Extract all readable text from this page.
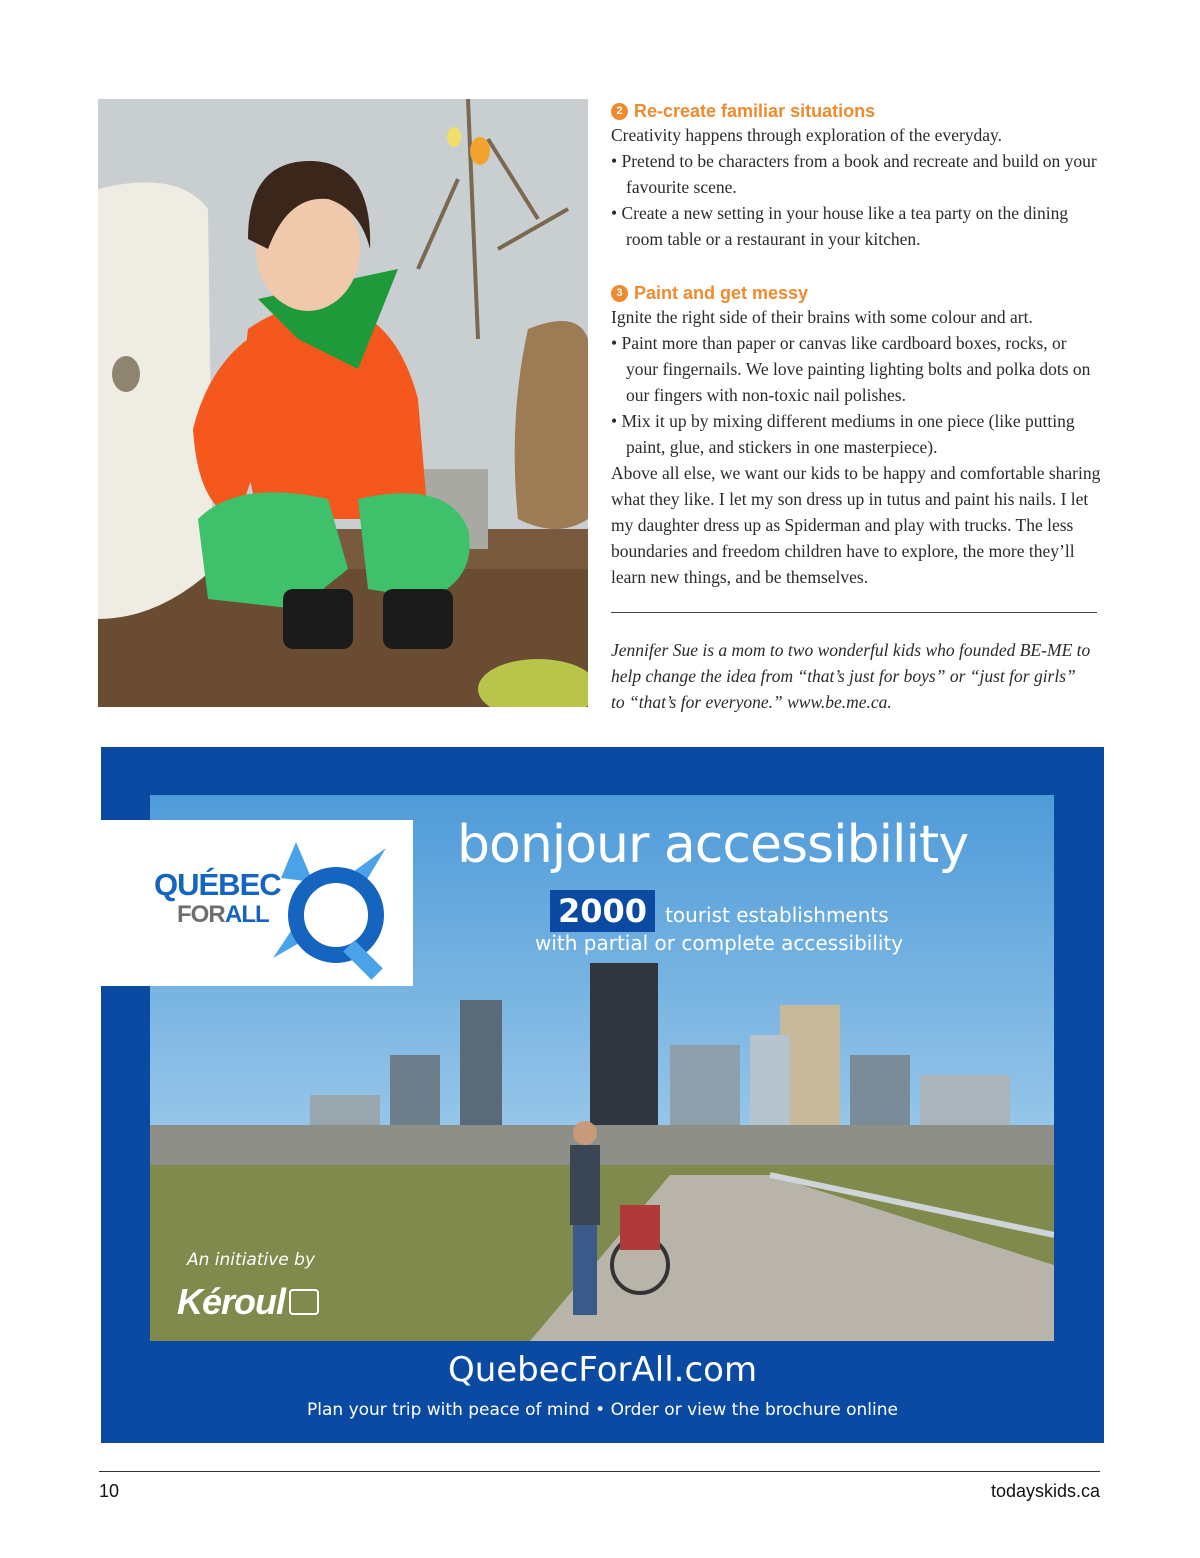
2 Re-create familiar situations

Creativity happens through exploration of the everyday.

• Pretend to be characters from a book and recreate and build on your favourite scene.

• Create a new setting in your house like a tea party on the dining room table or a restaurant in your kitchen.

3 Paint and get messy

Ignite the right side of their brains with some colour and art.

• Paint more than paper or canvas like cardboard boxes, rocks, or your fingernails. We love painting lighting bolts and polka dots on our fingers with non-toxic nail polishes.

• Mix it up by mixing different mediums in one piece (like putting paint, glue, and stickers in one masterpiece).

Above all else, we want our kids to be happy and comfortable sharing what they like. I let my son dress up in tutus and paint his nails. I let my daughter dress up as Spiderman and play with trucks. The less boundaries and freedom children have to explore, the more they’ll learn new things, and be themselves.

Jennifer Sue is a mom to two wonderful kids who founded BE-ME to help change the idea from “that’s just for boys” or “just for girls” to “that’s for everyone.” www.be.me.ca.

QUÉBEC
FOR ALL
bonjour accessibility
2000 tourist establishments
with partial or complete accessibility
An initiative by
Kéroul
QuebecForAll.com
Plan your trip with peace of mind • Order or view the brochure online
10	todayskids.ca
